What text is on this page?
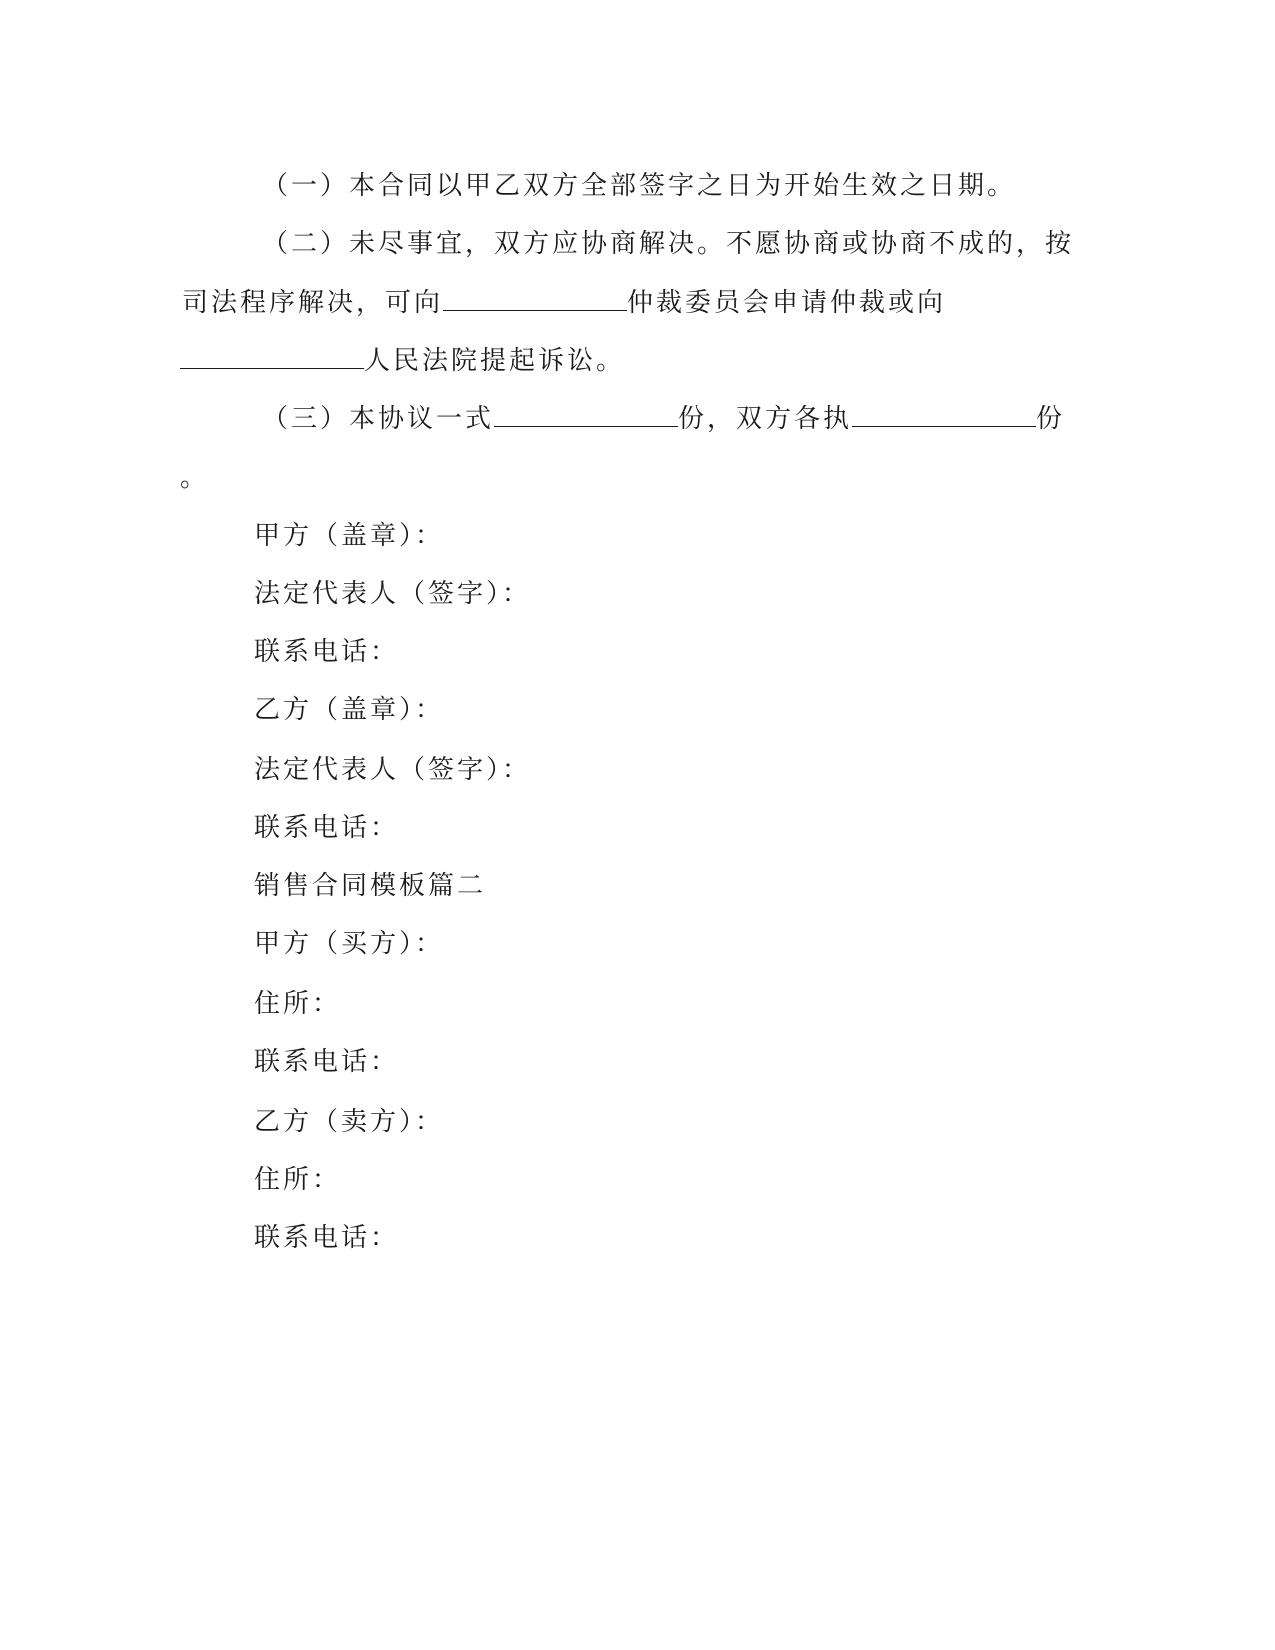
（一）本合同以甲乙双方全部签字之日为开始生效之日期。
（二）未尽事宜，双方应协商解决。不愿协商或协商不成的，按
司法程序解决，可向	仲裁委员会申请仲裁或向
人民法院提起诉讼。
（三）本协议一式	份，双方各执	份
。
甲方（盖章）：
法定代表人（签字）：
联系电话：
乙方（盖章）：
法定代表人（签字）：
联系电话：
销售合同模板篇二
甲方（买方）：
住所：
联系电话：
乙方（卖方）：
住所：
联系电话：
